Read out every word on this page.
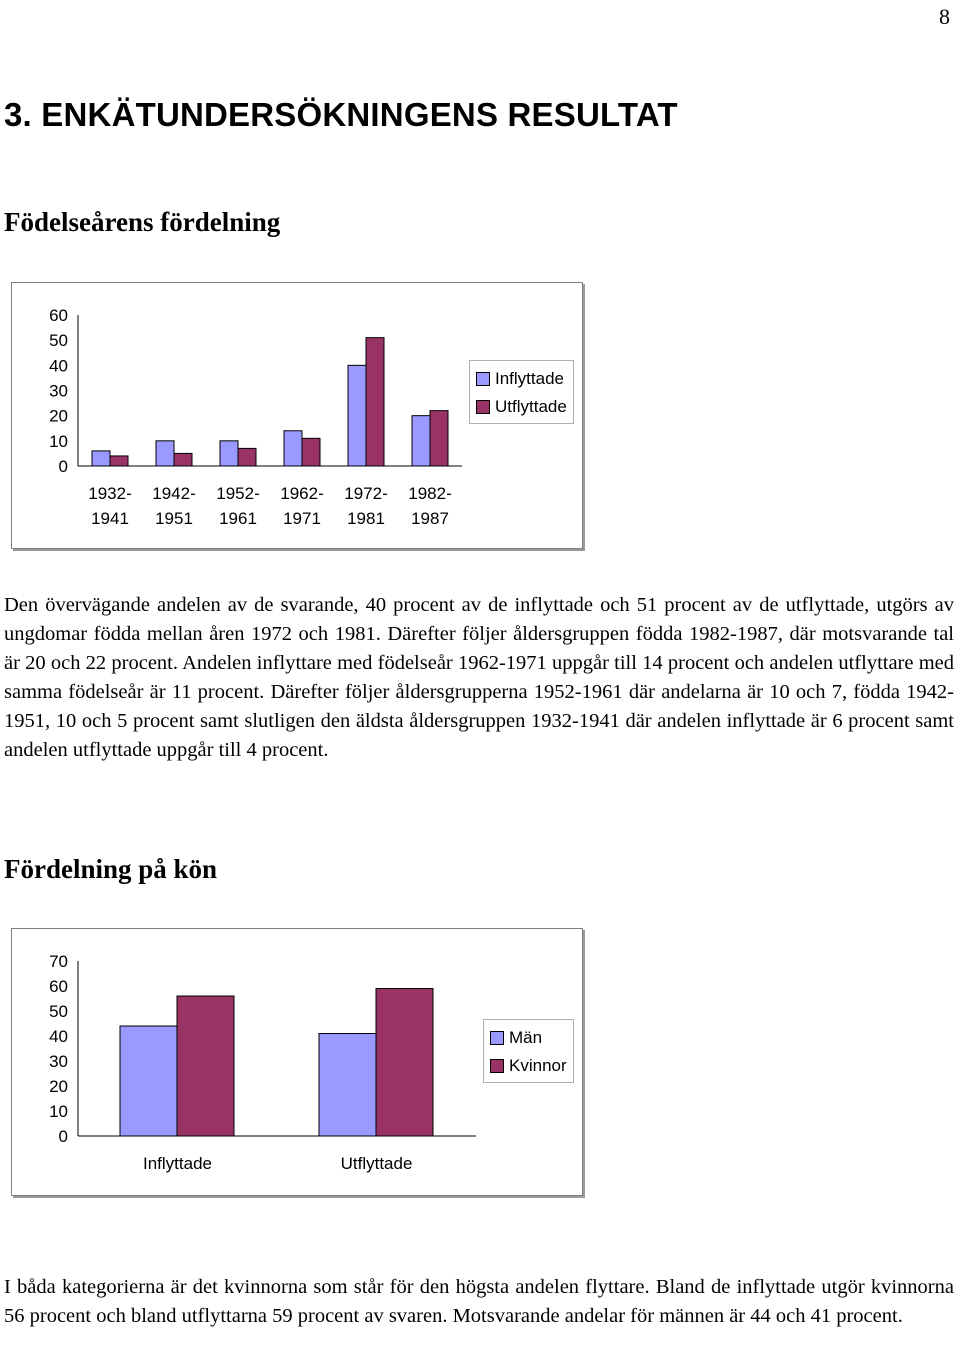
8
3. ENKÄTUNDERSÖKNINGENS RESULTAT
Födelseårens fördelning
0
10
20
30
40
50
60
1932-1941
1942-1951
1952-1961
1962-1971
1972-1981
1982-1987
Inflyttade
Utflyttade

Den övervägande andelen av de svarande, 40 procent av de inflyttade och 51 procent av de utflyttade, utgörs av ungdomar födda mellan åren 1972 och 1981. Därefter följer åldersgruppen födda 1982-1987, där motsvarande tal är 20 och 22 procent. Andelen inflyttare med födelseår 1962-1971 uppgår till 14 procent och andelen utflyttare med samma födelseår är 11 procent. Därefter följer åldersgrupperna 1952-1961 där andelarna är 10 och 7, födda 1942-1951, 10 och 5 procent samt slutligen den äldsta åldersgruppen 1932-1941 där andelen inflyttade är 6 procent samt andelen utflyttade uppgår till 4 procent.

Fördelning på kön
0
10
20
30
40
50
60
70
Inflyttade	Utflyttade
Män
Kvinnor

I båda kategorierna är det kvinnorna som står för den högsta andelen flyttare. Bland de inflyttade utgör kvinnorna 56 procent och bland utflyttarna 59 procent av svaren. Motsvarande andelar för männen är 44 och 41 procent.
